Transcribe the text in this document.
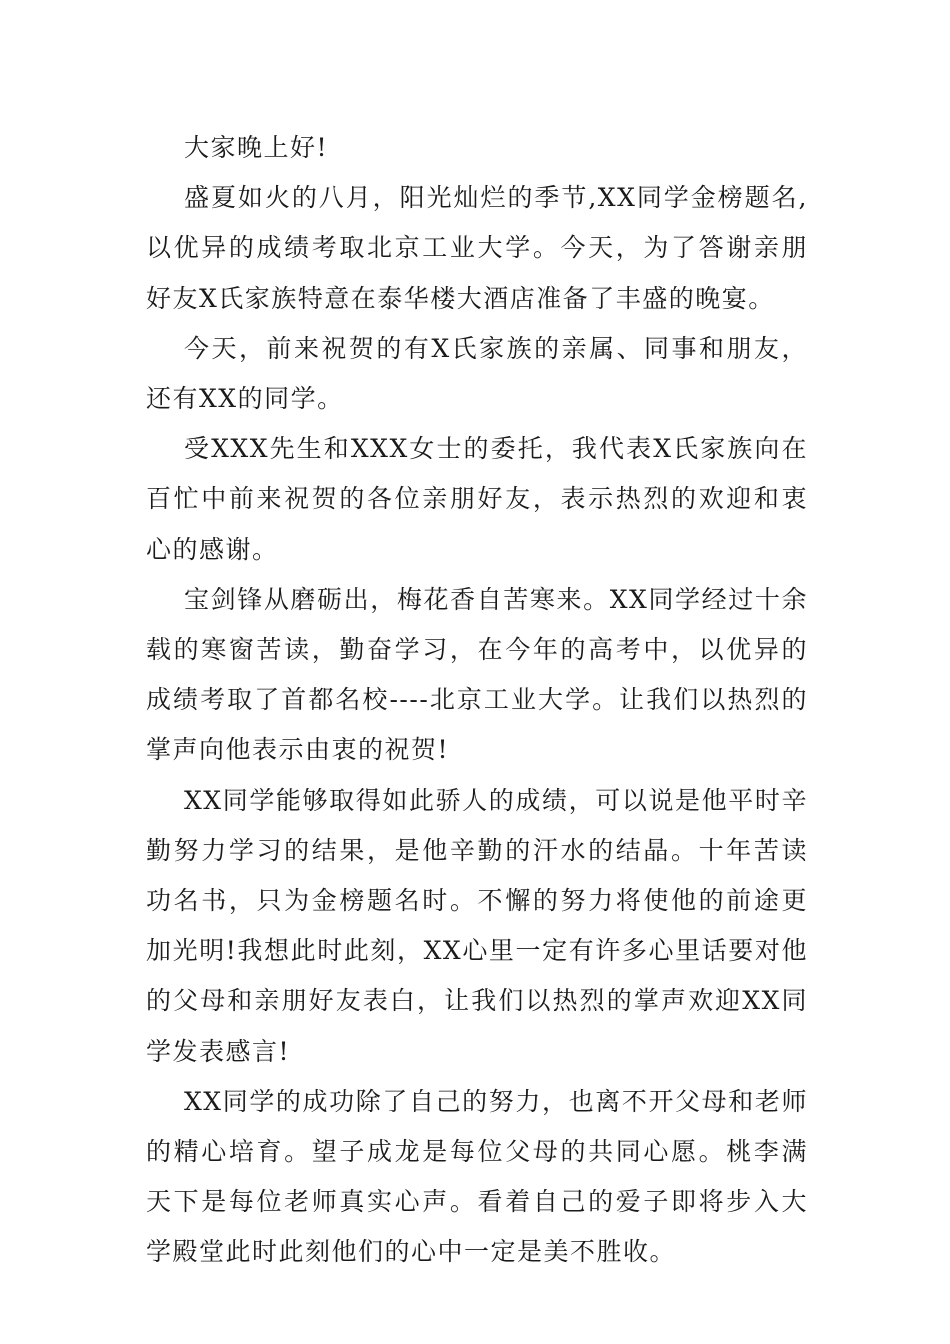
大家晚上好!

盛夏如火的八月，阳光灿烂的季节,XX同学金榜题名,以优异的成绩考取北京工业大学。今天，为了答谢亲朋好友X氏家族特意在泰华楼大酒店准备了丰盛的晚宴。

今天，前来祝贺的有X氏家族的亲属、同事和朋友，还有XX的同学。

受XXX先生和XXX女士的委托，我代表X氏家族向在百忙中前来祝贺的各位亲朋好友，表示热烈的欢迎和衷心的感谢。

宝剑锋从磨砺出，梅花香自苦寒来。XX同学经过十余载的寒窗苦读，勤奋学习，在今年的高考中，以优异的成绩考取了首都名校----北京工业大学。让我们以热烈的掌声向他表示由衷的祝贺!

XX同学能够取得如此骄人的成绩，可以说是他平时辛勤努力学习的结果，是他辛勤的汗水的结晶。十年苦读功名书，只为金榜题名时。不懈的努力将使他的前途更加光明!我想此时此刻，XX心里一定有许多心里话要对他的父母和亲朋好友表白，让我们以热烈的掌声欢迎XX同学发表感言!

XX同学的成功除了自己的努力，也离不开父母和老师的精心培育。望子成龙是每位父母的共同心愿。桃李满天下是每位老师真实心声。看着自己的爱子即将步入大学殿堂此时此刻他们的心中一定是美不胜收。
